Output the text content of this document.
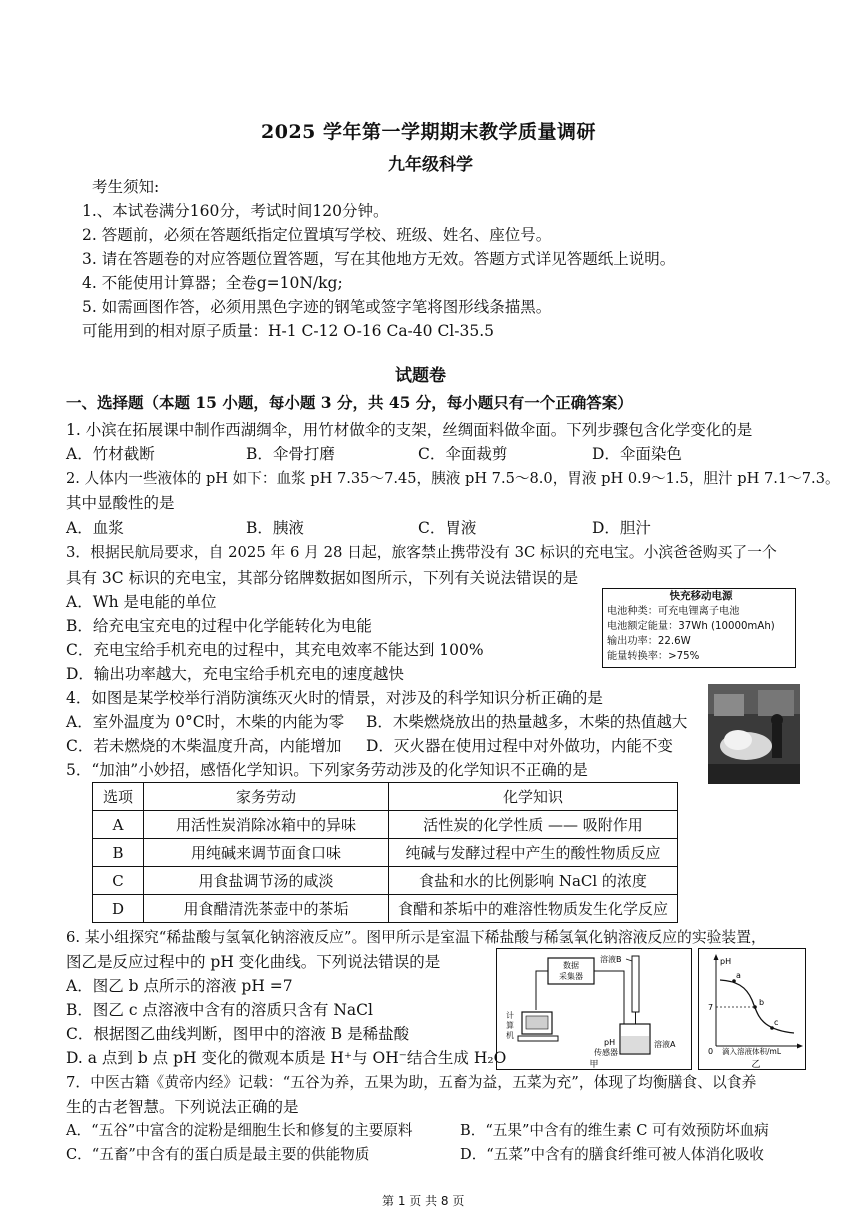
2025 学年第一学期期末教学质量调研
九年级科学
考生须知:
1.、本试卷满分160分，考试时间120分钟。
2. 答题前，必须在答题纸指定位置填写学校、班级、姓名、座位号。
3. 请在答题卷的对应答题位置答题，写在其他地方无效。答题方式详见答题纸上说明。
4. 不能使用计算器；全卷g=10N/kg;
5. 如需画图作答，必须用黑色字迹的钢笔或签字笔将图形线条描黑。
可能用到的相对原子质量：H-1 C-12 O-16 Ca-40 Cl-35.5
试题卷
一、选择题（本题 15 小题，每小题 3 分，共 45 分，每小题只有一个正确答案）
1. 小滨在拓展课中制作西湖绸伞，用竹材做伞的支架，丝绸面料做伞面。下列步骤包含化学变化的是
A．竹材截断	B．伞骨打磨	C．伞面裁剪	D．伞面染色
2. 人体内一些液体的 pH 如下：血浆 pH 7.35～7.45，胰液 pH 7.5～8.0，胃液 pH 0.9～1.5，胆汁 pH 7.1～7.3。
其中显酸性的是
A．血浆	B．胰液	C．胃液	D．胆汁
3．根据民航局要求，自 2025 年 6 月 28 日起，旅客禁止携带没有 3C 标识的充电宝。小滨爸爸购买了一个
具有 3C 标识的充电宝，其部分铭牌数据如图所示，下列有关说法错误的是
A．Wh 是电能的单位
B．给充电宝充电的过程中化学能转化为电能
C．充电宝给手机充电的过程中，其充电效率不能达到 100%
D．输出功率越大，充电宝给手机充电的速度越快
快充移动电源
电池种类：可充电锂离子电池
电池额定能量：37Wh (10000mAh)
输出功率：22.6W
能量转换率：>75%
4．如图是某学校举行消防演练灭火时的情景，对涉及的科学知识分析正确的是
A．室外温度为 0°C时，木柴的内能为零 B．木柴燃烧放出的热量越多，木柴的热值越大
C．若未燃烧的木柴温度升高，内能增加 D．灭火器在使用过程中对外做功，内能不变
5．“加油”小妙招，感悟化学知识。下列家务劳动涉及的化学知识不正确的是
选项	家务劳动	化学知识
A	用活性炭消除冰箱中的异味	活性炭的化学性质 —— 吸附作用
B	用纯碱来调节面食口味	纯碱与发酵过程中产生的酸性物质反应
C	用食盐调节汤的咸淡	食盐和水的比例影响 NaCl 的浓度
D	用食醋清洗茶壶中的茶垢	食醋和茶垢中的难溶性物质发生化学反应
6. 某小组探究“稀盐酸与氢氧化钠溶液反应”。图甲所示是室温下稀盐酸与稀氢氧化钠溶液反应的实验装置，
图乙是反应过程中的 pH 变化曲线。下列说法错误的是
A．图乙 b 点所示的溶液 pH =7
B．图乙 c 点溶液中含有的溶质只含有 NaCl
C．根据图乙曲线判断，图甲中的溶液 B 是稀盐酸
D. a 点到 b 点 pH 变化的微观本质是 H⁺与 OH⁻结合生成 H₂O
数据
采集器
计
算
机
溶液B
pH
传感器
溶液A
甲
pH
7
a
b
c
0 滴入溶液体积/mL
乙
7．中医古籍《黄帝内经》记载：“五谷为养，五果为助，五畜为益，五菜为充”，体现了均衡膳食、以食养
生的古老智慧。下列说法正确的是
A．“五谷”中富含的淀粉是细胞生长和修复的主要原料	B．“五果”中含有的维生素 C 可有效预防坏血病
C．“五畜”中含有的蛋白质是最主要的供能物质	D．“五菜”中含有的膳食纤维可被人体消化吸收
第 1 页 共 8 页
